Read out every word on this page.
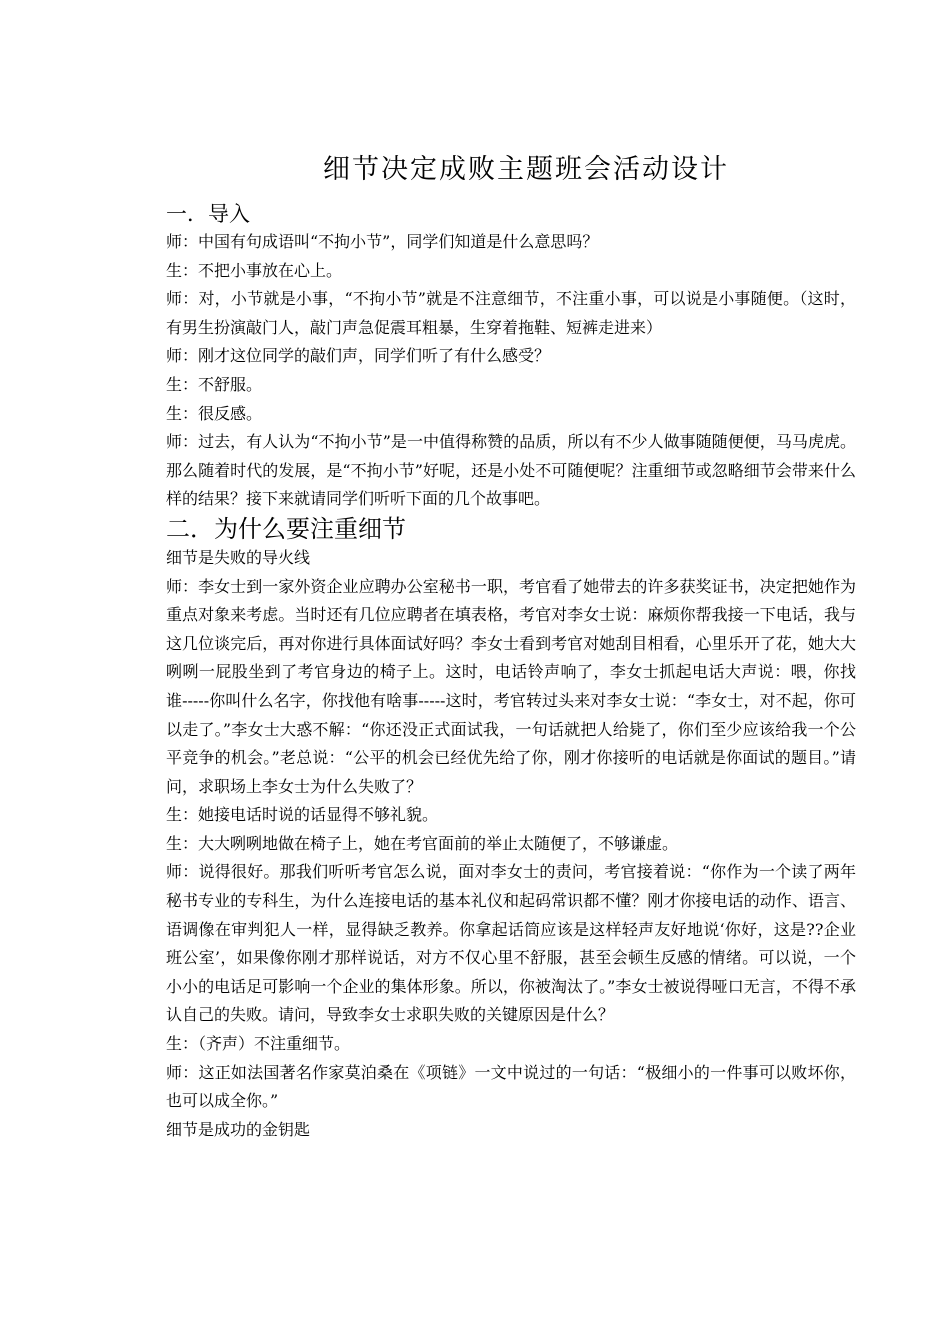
细节决定成败主题班会活动设计
一．导入

师：中国有句成语叫“不拘小节”，同学们知道是什么意思吗？

生：不把小事放在心上。

师：对，小节就是小事，“不拘小节”就是不注意细节，不注重小事，可以说是小事随便。（这时，有男生扮演敲门人，敲门声急促震耳粗暴，生穿着拖鞋、短裤走进来）

师：刚才这位同学的敲们声，同学们听了有什么感受？

生：不舒服。

生：很反感。

师：过去，有人认为“不拘小节”是一中值得称赞的品质，所以有不少人做事随随便便，马马虎虎。那么随着时代的发展，是“不拘小节”好呢，还是小处不可随便呢？注重细节或忽略细节会带来什么样的结果？接下来就请同学们听听下面的几个故事吧。

二．为什么要注重细节

细节是失败的导火线

师：李女士到一家外资企业应聘办公室秘书一职，考官看了她带去的许多获奖证书，决定把她作为重点对象来考虑。当时还有几位应聘者在填表格，考官对李女士说：麻烦你帮我接一下电话，我与这几位谈完后，再对你进行具体面试好吗？李女士看到考官对她刮目相看，心里乐开了花，她大大咧咧一屁股坐到了考官身边的椅子上。这时，电话铃声响了，李女士抓起电话大声说：喂，你找谁-----你叫什么名字，你找他有啥事-----这时，考官转过头来对李女士说：“李女士，对不起，你可以走了。”李女士大惑不解：“你还没正式面试我，一句话就把人给毙了，你们至少应该给我一个公平竞争的机会。”老总说：“公平的机会已经优先给了你，刚才你接听的电话就是你面试的题目。”请问，求职场上李女士为什么失败了？

生：她接电话时说的话显得不够礼貌。

生：大大咧咧地做在椅子上，她在考官面前的举止太随便了，不够谦虚。

师：说得很好。那我们听听考官怎么说，面对李女士的责问，考官接着说：“你作为一个读了两年秘书专业的专科生，为什么连接电话的基本礼仪和起码常识都不懂？刚才你接电话的动作、语言、语调像在审判犯人一样，显得缺乏教养。你拿起话筒应该是这样轻声友好地说‘你好，这是??企业班公室’，如果像你刚才那样说话，对方不仅心里不舒服，甚至会顿生反感的情绪。可以说，一个小小的电话足可影响一个企业的集体形象。所以，你被淘汰了。”李女士被说得哑口无言，不得不承认自己的失败。请问，导致李女士求职失败的关键原因是什么？

生：（齐声）不注重细节。

师：这正如法国著名作家莫泊桑在《项链》一文中说过的一句话：“极细小的一件事可以败坏你，也可以成全你。”

细节是成功的金钥匙
